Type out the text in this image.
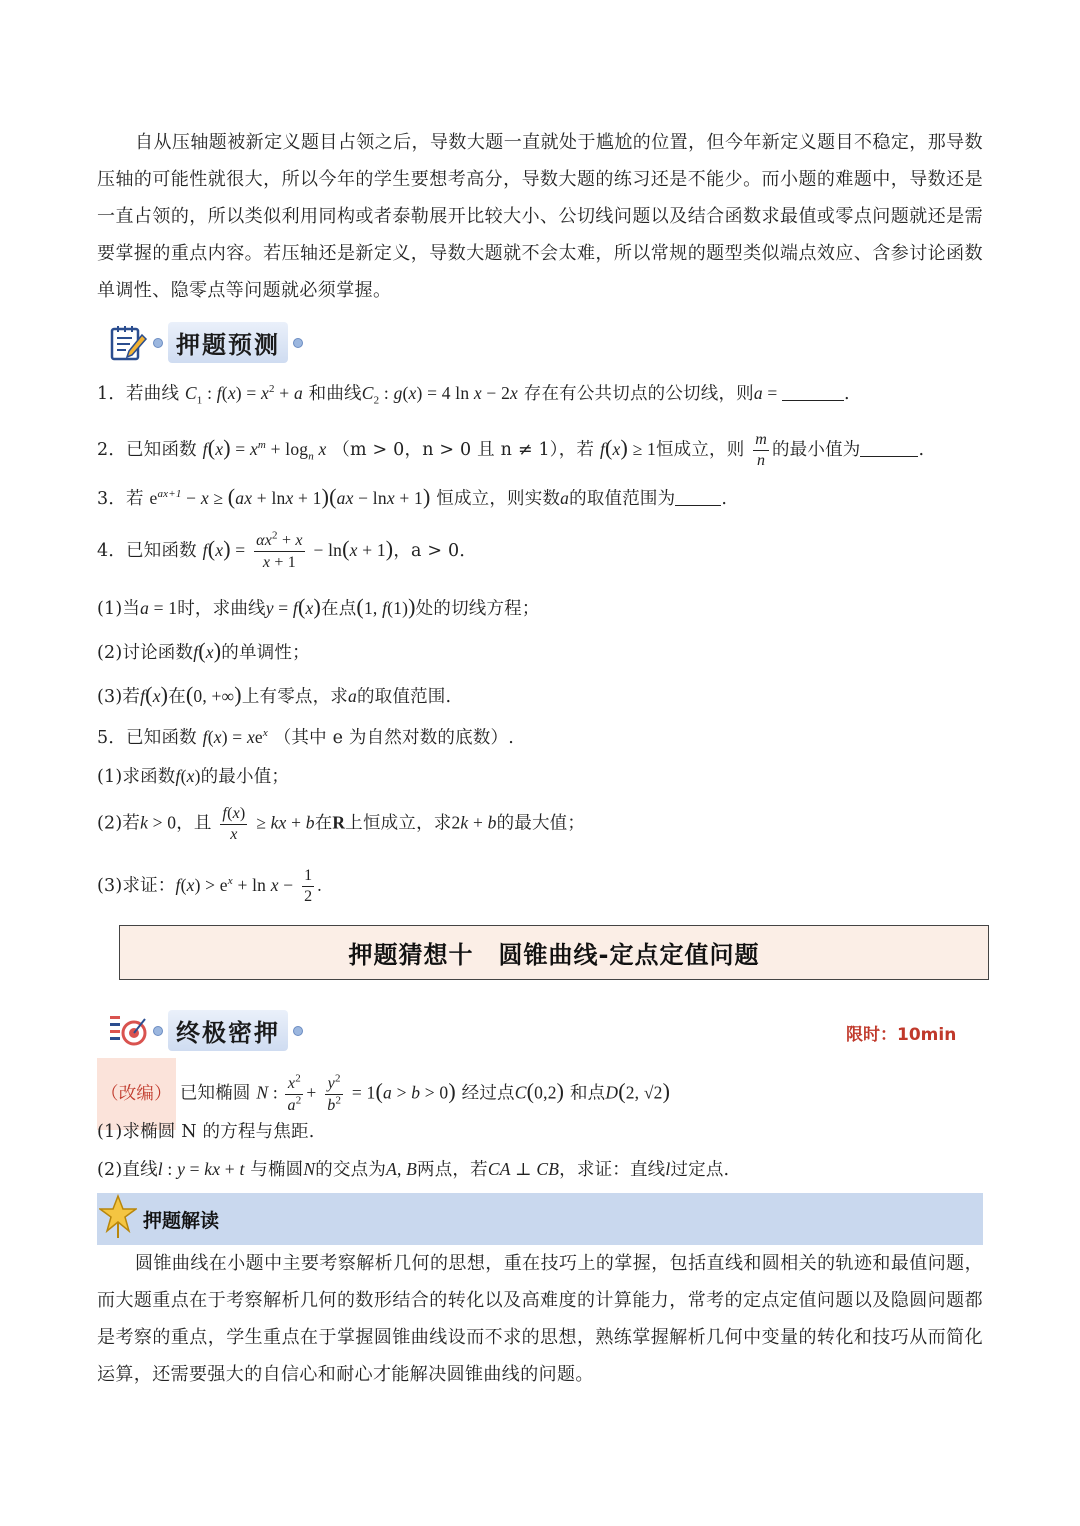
自从压轴题被新定义题目占领之后，导数大题一直就处于尴尬的位置，但今年新定义题目不稳定，那导数压轴的可能性就很大，所以今年的学生要想考高分，导数大题的练习还是不能少。而小题的难题中，导数还是一直占领的，所以类似利用同构或者泰勒展开比较大小、公切线问题以及结合函数求最值或零点问题就还是需要掌握的重点内容。若压轴还是新定义，导数大题就不会太难，所以常规的题型类似端点效应、含参讨论函数单调性、隐零点等问题就必须掌握。
押题预测
1．若曲线 $C_1$ : $f(x) = x^2 + a$ 和曲线$C_2$ : g(x) = 4 ln x − 2x 存在有公共切点的公切线，则a =	.
2．已知函数 $f(x) = x^m + \log_n x$ （m > 0，n > 0 且 n ≠ 1），若 f(x) ≥ 1恒成立，则 $\frac{m}{n}$ 的最小值为	.
3．若 $e^{ax+1} - x \ge (ax + \ln x + 1)(ax - \ln x + 1)$ 恒成立，则实数a的取值范围为	.
4．已知函数 $f(x) = \frac{\alpha x^2 + x}{x + 1} - \ln(x + 1)$，a > 0．
(1)当a = 1时，求曲线y = f(x)在点(1, f(1))处的切线方程；
(2)讨论函数f(x)的单调性；
(3)若f(x)在(0, +∞)上有零点，求a的取值范围.
5．已知函数 $f(x) = xe^x$ （其中 e 为自然对数的底数）.
(1)求函数f(x)的最小值；
(2)若k > 0，且 $\frac{f(x)}{x}$ ≥ kx + b在R上恒成立，求2k + b的最大值；
(3)求证：$f(x) > e^x + \ln x - \frac{1}{2}$ .
押题猜想十　圆锥曲线-定点定值问题
终极密押	限时：10min
（改编） 已知椭圆 N : $\frac{x^2}{a^2} + \frac{y^2}{b^2} = 1(a > b > 0)$ 经过点C(0,2) 和点D(2, √2)
(1)求椭圆 N 的方程与焦距.
(2)直线l : y = kx + t 与椭圆N的交点为A, B两点，若CA ⊥ CB，求证：直线l过定点.
押题解读
圆锥曲线在小题中主要考察解析几何的思想，重在技巧上的掌握，包括直线和圆相关的轨迹和最值问题，而大题重点在于考察解析几何的数形结合的转化以及高难度的计算能力，常考的定点定值问题以及隐圆问题都是考察的重点，学生重点在于掌握圆锥曲线设而不求的思想，熟练掌握解析几何中变量的转化和技巧从而简化运算，还需要强大的自信心和耐心才能解决圆锥曲线的问题。
